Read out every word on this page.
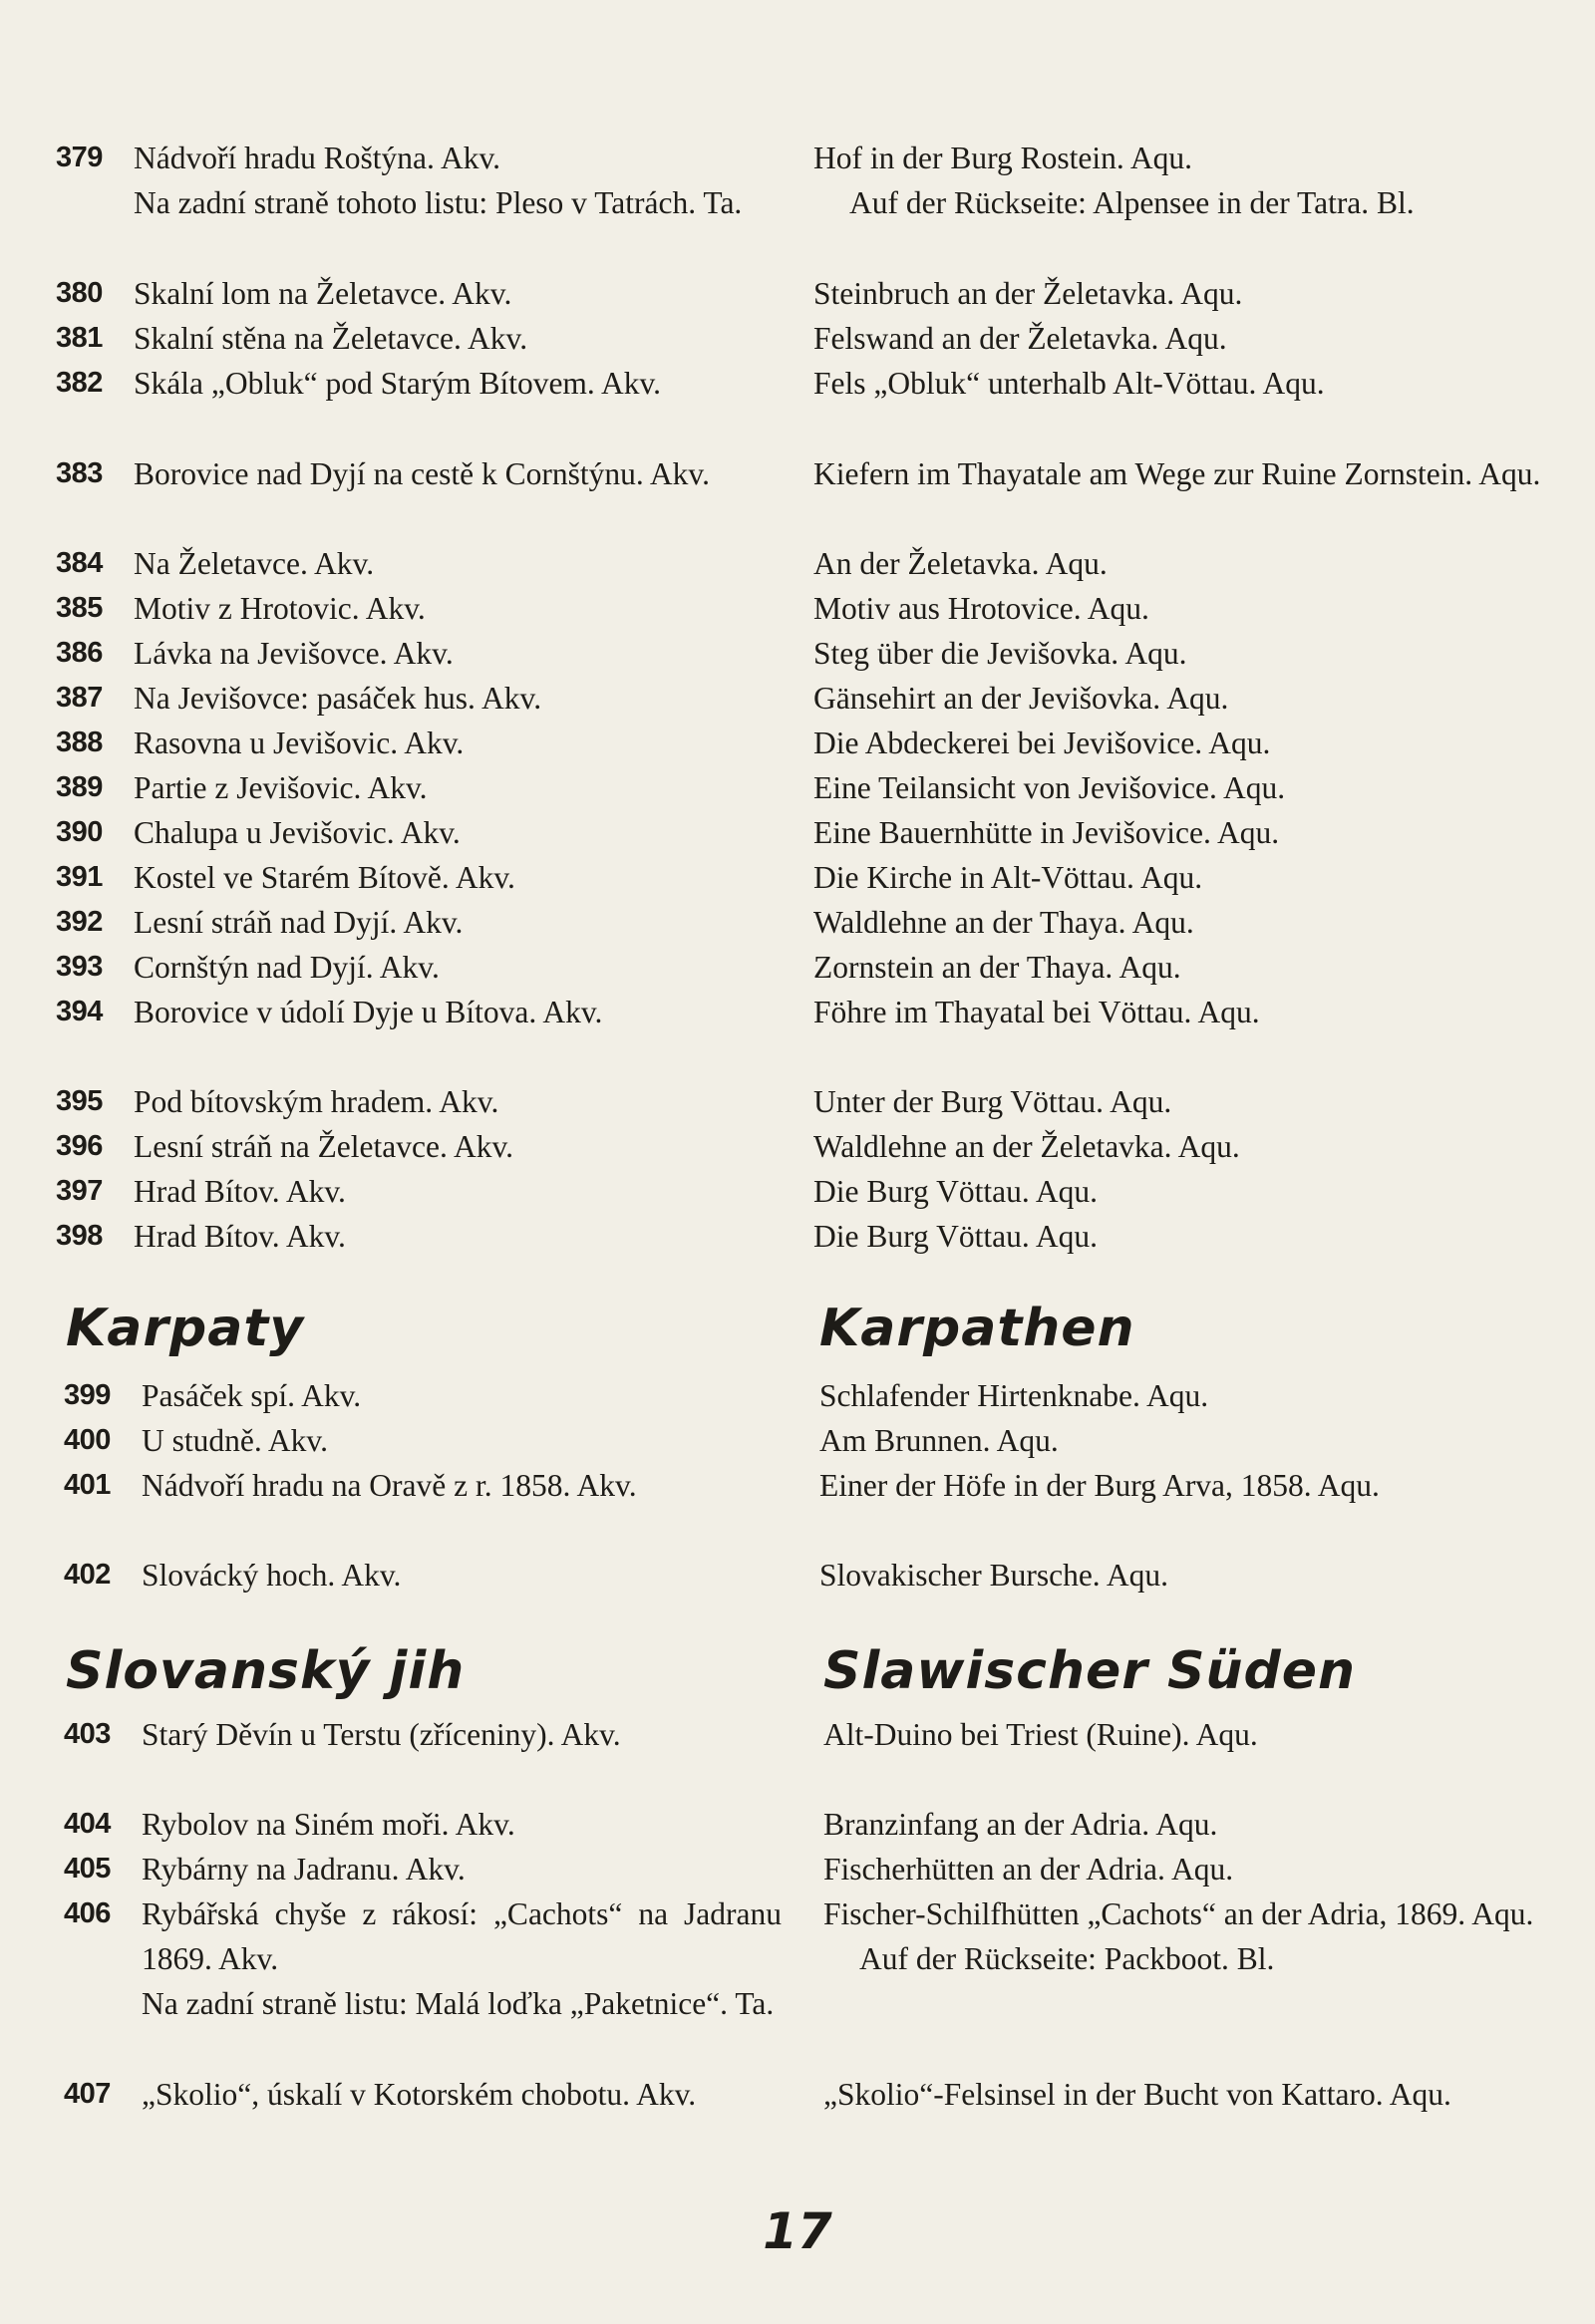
379 Nádvoří hradu Roštýna. Akv.
Na zadní straně tohoto listu: Pleso v Tatrách. Ta.
380 Skalní lom na Želetavce. Akv.
381 Skalní stěna na Želetavce. Akv.
382 Skála „Obluk“ pod Starým Bítovem. Akv.
383 Borovice nad Dyjí na cestě k Cornštýnu. Akv.
384 Na Želetavce. Akv.
385 Motiv z Hrotovic. Akv.
386 Lávka na Jevišovce. Akv.
387 Na Jevišovce: pasáček hus. Akv.
388 Rasovna u Jevišovic. Akv.
389 Partie z Jevišovic. Akv.
390 Chalupa u Jevišovic. Akv.
391 Kostel ve Starém Bítově. Akv.
392 Lesní stráň nad Dyjí. Akv.
393 Cornštýn nad Dyjí. Akv.
394 Borovice v údolí Dyje u Bítova. Akv.
395 Pod bítovským hradem. Akv.
396 Lesní stráň na Želetavce. Akv.
397 Hrad Bítov. Akv.
398 Hrad Bítov. Akv.
Hof in der Burg Rostein. Aqu.
Auf der Rückseite: Alpensee in der Tatra. Bl.
Steinbruch an der Želetavka. Aqu.
Felswand an der Želetavka. Aqu.
Fels „Obluk“ unterhalb Alt-Vöttau. Aqu.
Kiefern im Thayatale am Wege zur Ruine Zornstein. Aqu.
An der Želetavka. Aqu.
Motiv aus Hrotovice. Aqu.
Steg über die Jevišovka. Aqu.
Gänsehirt an der Jevišovka. Aqu.
Die Abdeckerei bei Jevišovice. Aqu.
Eine Teilansicht von Jevišovice. Aqu.
Eine Bauernhütte in Jevišovice. Aqu.
Die Kirche in Alt-Vöttau. Aqu.
Waldlehne an der Thaya. Aqu.
Zornstein an der Thaya. Aqu.
Föhre im Thayatal bei Vöttau. Aqu.
Unter der Burg Vöttau. Aqu.
Waldlehne an der Želetavka. Aqu.
Die Burg Vöttau. Aqu.
Die Burg Vöttau. Aqu.
Karpaty	Karpathen
399 Pasáček spí. Akv.
400 U studně. Akv.
401 Nádvoří hradu na Oravě z r. 1858. Akv.
402 Slovácký hoch. Akv.
Schlafender Hirtenknabe. Aqu.
Am Brunnen. Aqu.
Einer der Höfe in der Burg Arva, 1858. Aqu.
Slovakischer Bursche. Aqu.
Slovanský jih	Slawischer Süden
403 Starý Děvín u Terstu (zříceniny). Akv.
404 Rybolov na Siném moři. Akv.
405 Rybárny na Jadranu. Akv.
406 Rybářská chyše z rákosí: „Cachots“ na Jadranu 1869. Akv.
Na zadní straně listu: Malá loďka „Paketnice“. Ta.
407 „Skolio“, úskalí v Kotorském chobotu. Akv.
Alt-Duino bei Triest (Ruine). Aqu.
Branzinfang an der Adria. Aqu.
Fischerhütten an der Adria. Aqu.
Fischer-Schilfhütten „Cachots“ an der Adria, 1869. Aqu.
Auf der Rückseite: Packboot. Bl.
„Skolio“-Felsinsel in der Bucht von Kattaro. Aqu.
17
